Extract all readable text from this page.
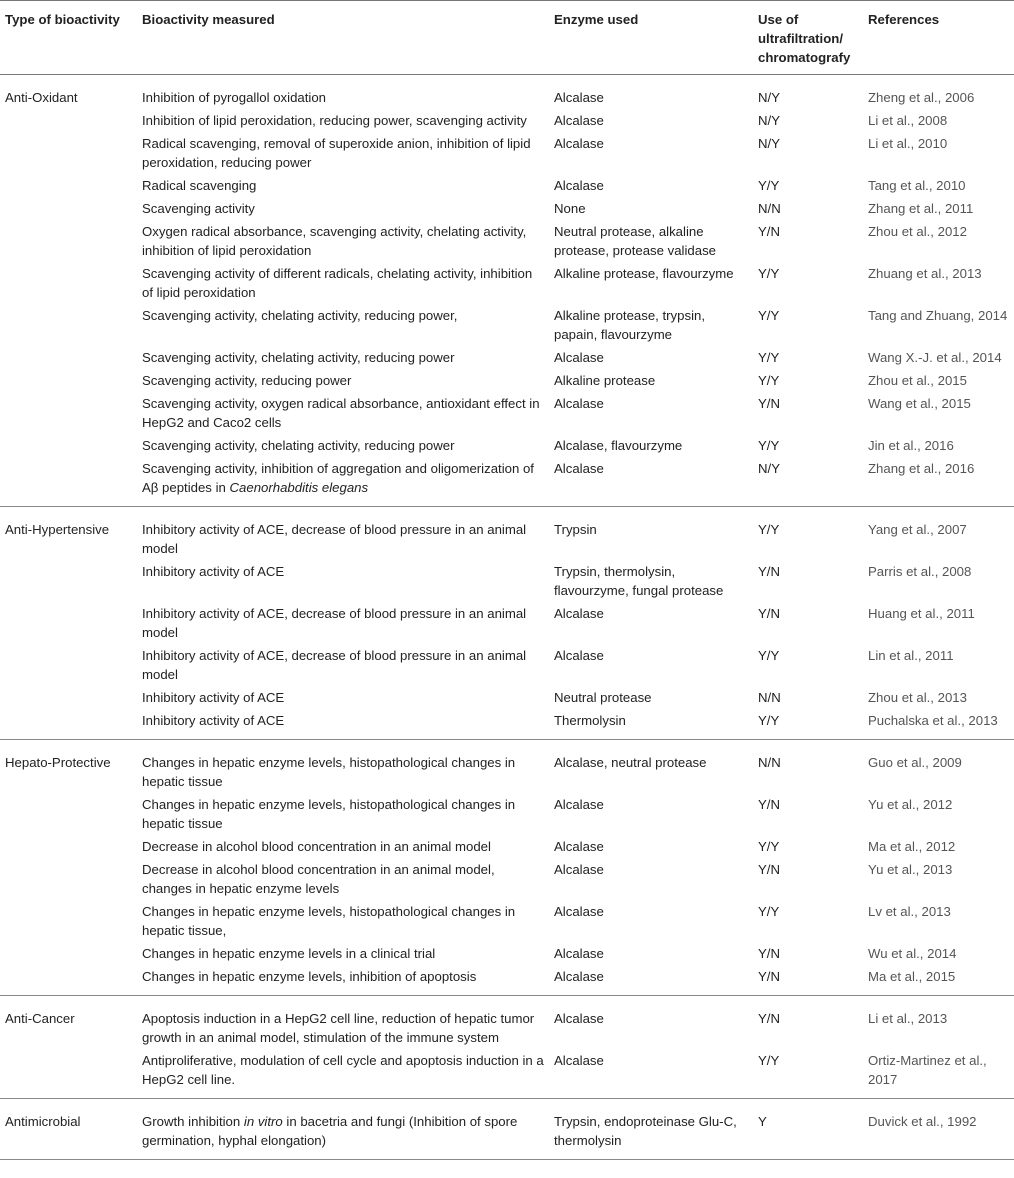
Type of bioactivity	Bioactivity measured	Enzyme used	Use of ultrafiltration/ chromatografy	References
Anti-Oxidant	Inhibition of pyrogallol oxidation	Alcalase	N/Y	Zheng et al., 2006
	Inhibition of lipid peroxidation, reducing power, scavenging activity	Alcalase	N/Y	Li et al., 2008
	Radical scavenging, removal of superoxide anion, inhibition of lipid peroxidation, reducing power	Alcalase	N/Y	Li et al., 2010
	Radical scavenging	Alcalase	Y/Y	Tang et al., 2010
	Scavenging activity	None	N/N	Zhang et al., 2011
	Oxygen radical absorbance, scavenging activity, chelating activity, inhibition of lipid peroxidation	Neutral protease, alkaline protease, protease validase	Y/N	Zhou et al., 2012
	Scavenging activity of different radicals, chelating activity, inhibition of lipid peroxidation	Alkaline protease, flavourzyme	Y/Y	Zhuang et al., 2013
	Scavenging activity, chelating activity, reducing power,	Alkaline protease, trypsin, papain, flavourzyme	Y/Y	Tang and Zhuang, 2014
	Scavenging activity, chelating activity, reducing power	Alcalase	Y/Y	Wang X.-J. et al., 2014
	Scavenging activity, reducing power	Alkaline protease	Y/Y	Zhou et al., 2015
	Scavenging activity, oxygen radical absorbance, antioxidant effect in HepG2 and Caco2 cells	Alcalase	Y/N	Wang et al., 2015
	Scavenging activity, chelating activity, reducing power	Alcalase, flavourzyme	Y/Y	Jin et al., 2016
	Scavenging activity, inhibition of aggregation and oligomerization of Aβ peptides in Caenorhabditis elegans	Alcalase	N/Y	Zhang et al., 2016
Anti-Hypertensive	Inhibitory activity of ACE, decrease of blood pressure in an animal model	Trypsin	Y/Y	Yang et al., 2007
	Inhibitory activity of ACE	Trypsin, thermolysin, flavourzyme, fungal protease	Y/N	Parris et al., 2008
	Inhibitory activity of ACE, decrease of blood pressure in an animal model	Alcalase	Y/N	Huang et al., 2011
	Inhibitory activity of ACE, decrease of blood pressure in an animal model	Alcalase	Y/Y	Lin et al., 2011
	Inhibitory activity of ACE	Neutral protease	N/N	Zhou et al., 2013
	Inhibitory activity of ACE	Thermolysin	Y/Y	Puchalska et al., 2013
Hepato-Protective	Changes in hepatic enzyme levels, histopathological changes in hepatic tissue	Alcalase, neutral protease	N/N	Guo et al., 2009
	Changes in hepatic enzyme levels, histopathological changes in hepatic tissue	Alcalase	Y/N	Yu et al., 2012
	Decrease in alcohol blood concentration in an animal model	Alcalase	Y/Y	Ma et al., 2012
	Decrease in alcohol blood concentration in an animal model, changes in hepatic enzyme levels	Alcalase	Y/N	Yu et al., 2013
	Changes in hepatic enzyme levels, histopathological changes in hepatic tissue,	Alcalase	Y/Y	Lv et al., 2013
	Changes in hepatic enzyme levels in a clinical trial	Alcalase	Y/N	Wu et al., 2014
	Changes in hepatic enzyme levels, inhibition of apoptosis	Alcalase	Y/N	Ma et al., 2015
Anti-Cancer	Apoptosis induction in a HepG2 cell line, reduction of hepatic tumor growth in an animal model, stimulation of the immune system	Alcalase	Y/N	Li et al., 2013
	Antiproliferative, modulation of cell cycle and apoptosis induction in a HepG2 cell line.	Alcalase	Y/Y	Ortiz-Martinez et al., 2017
Antimicrobial	Growth inhibition in vitro in bacetria and fungi (Inhibition of spore germination, hyphal elongation)	Trypsin, endoproteinase Glu-C, thermolysin	Y	Duvick et al., 1992
